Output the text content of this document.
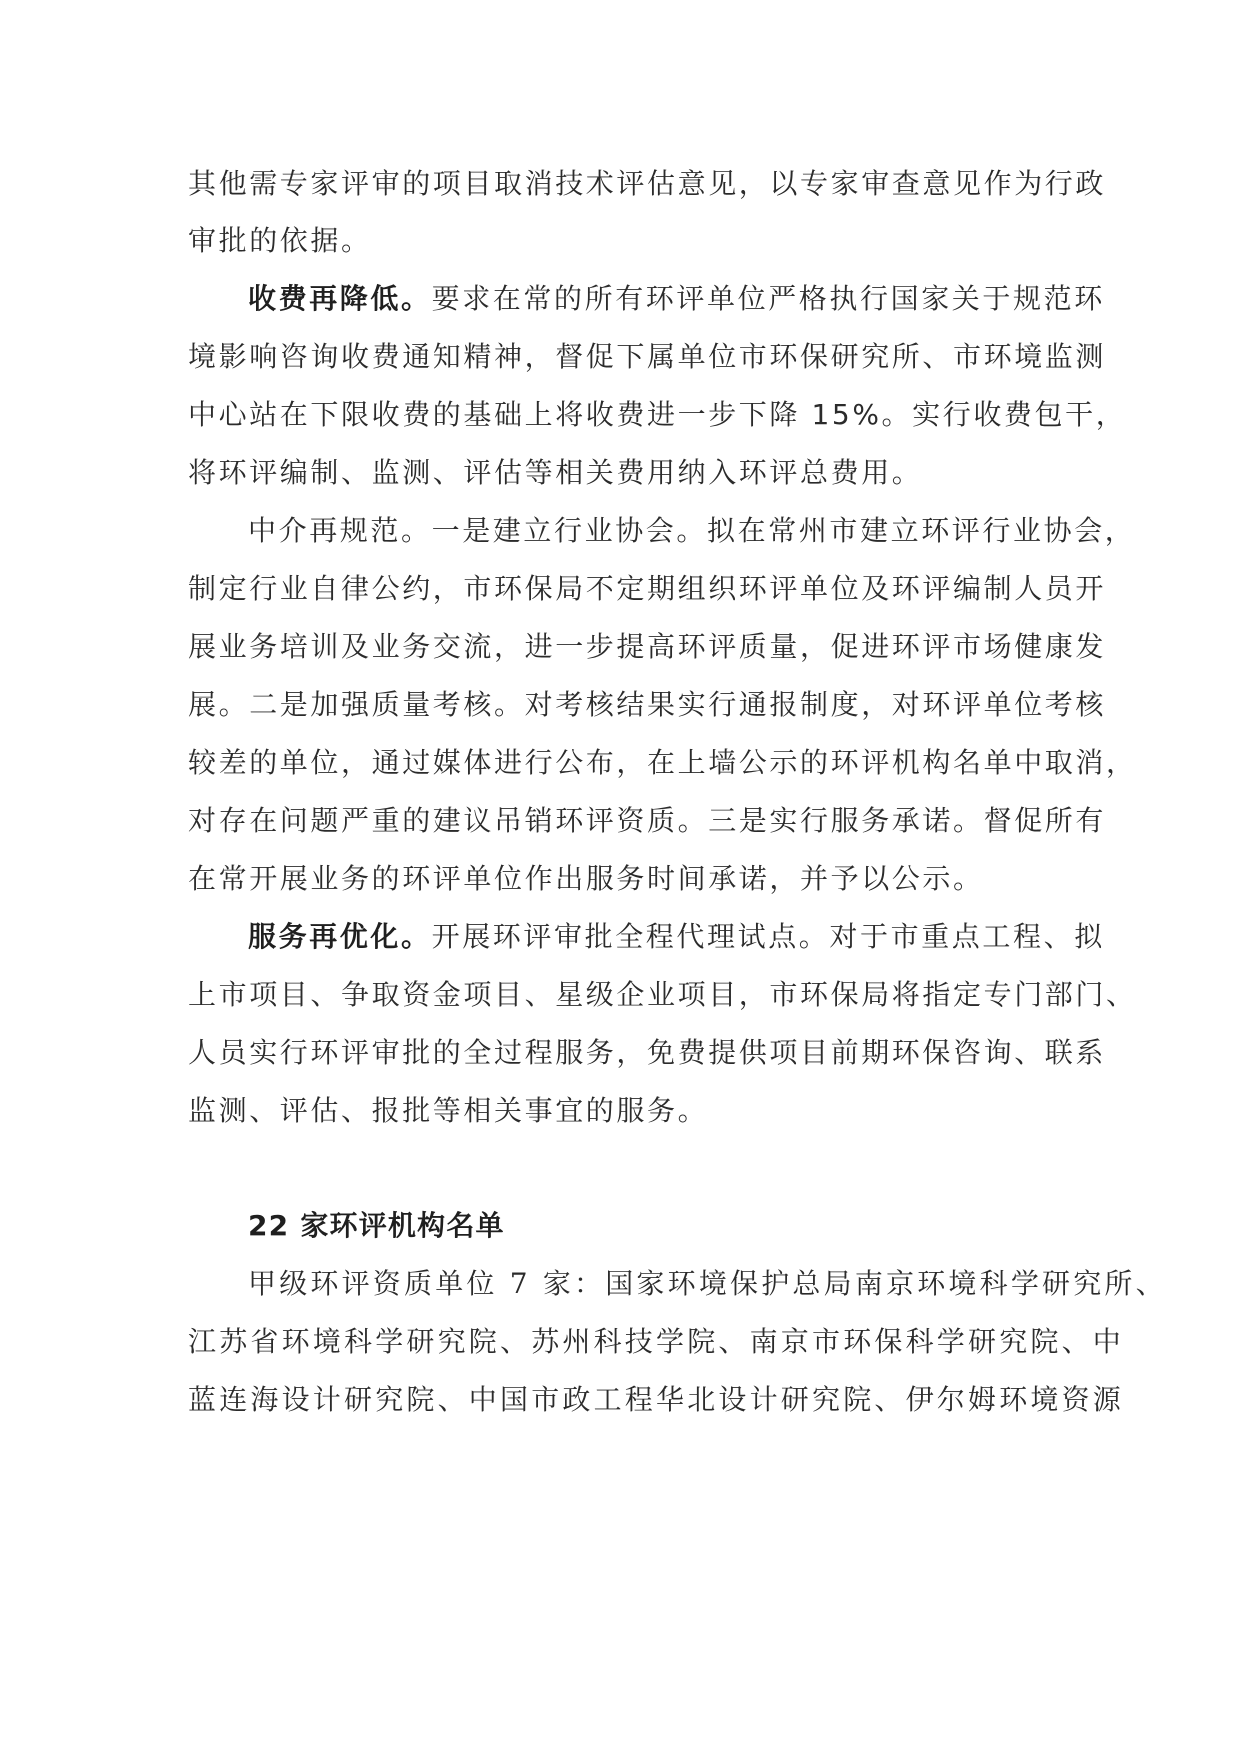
其他需专家评审的项目取消技术评估意见，以专家审查意见作为行政
审批的依据。
收费再降低。要求在常的所有环评单位严格执行国家关于规范环
境影响咨询收费通知精神，督促下属单位市环保研究所、市环境监测
中心站在下限收费的基础上将收费进一步下降 15%。实行收费包干，
将环评编制、监测、评估等相关费用纳入环评总费用。
中介再规范。一是建立行业协会。拟在常州市建立环评行业协会，
制定行业自律公约，市环保局不定期组织环评单位及环评编制人员开
展业务培训及业务交流，进一步提高环评质量，促进环评市场健康发
展。二是加强质量考核。对考核结果实行通报制度，对环评单位考核
较差的单位，通过媒体进行公布，在上墙公示的环评机构名单中取消，
对存在问题严重的建议吊销环评资质。三是实行服务承诺。督促所有
在常开展业务的环评单位作出服务时间承诺，并予以公示。
服务再优化。开展环评审批全程代理试点。对于市重点工程、拟
上市项目、争取资金项目、星级企业项目，市环保局将指定专门部门、
人员实行环评审批的全过程服务，免费提供项目前期环保咨询、联系
监测、评估、报批等相关事宜的服务。
22 家环评机构名单
甲级环评资质单位 7 家：国家环境保护总局南京环境科学研究所、
江苏省环境科学研究院、苏州科技学院、南京市环保科学研究院、中
蓝连海设计研究院、中国市政工程华北设计研究院、伊尔姆环境资源
